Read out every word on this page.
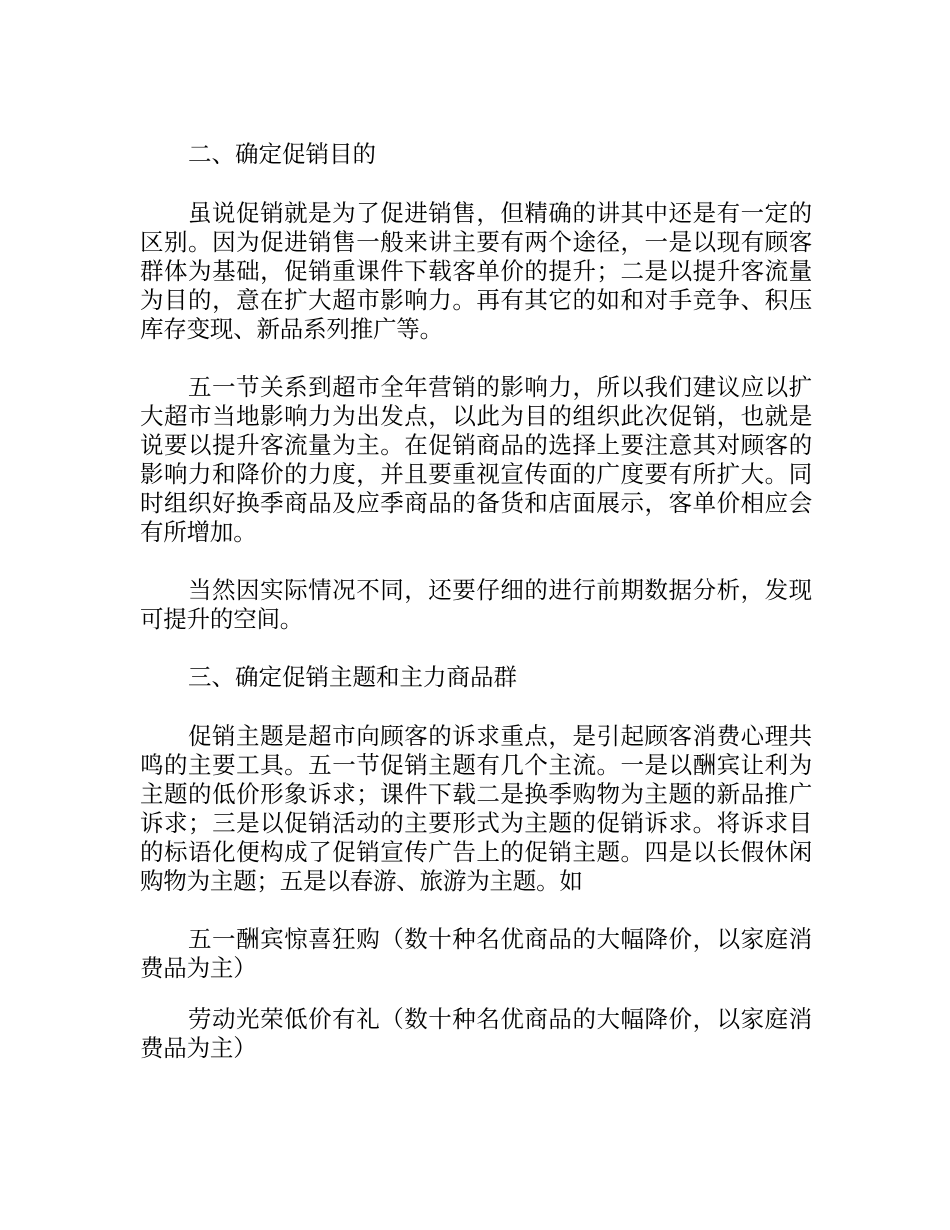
二、确定促销目的

虽说促销就是为了促进销售，但精确的讲其中还是有一定的区别。因为促进销售一般来讲主要有两个途径，一是以现有顾客群体为基础，促销重课件下载客单价的提升；二是以提升客流量为目的，意在扩大超市影响力。再有其它的如和对手竞争、积压库存变现、新品系列推广等。

五一节关系到超市全年营销的影响力，所以我们建议应以扩大超市当地影响力为出发点，以此为目的组织此次促销，也就是说要以提升客流量为主。在促销商品的选择上要注意其对顾客的影响力和降价的力度，并且要重视宣传面的广度要有所扩大。同时组织好换季商品及应季商品的备货和店面展示，客单价相应会有所增加。

当然因实际情况不同，还要仔细的进行前期数据分析，发现可提升的空间。

三、确定促销主题和主力商品群

促销主题是超市向顾客的诉求重点，是引起顾客消费心理共鸣的主要工具。五一节促销主题有几个主流。一是以酬宾让利为主题的低价形象诉求；课件下载二是换季购物为主题的新品推广诉求；三是以促销活动的主要形式为主题的促销诉求。将诉求目的标语化便构成了促销宣传广告上的促销主题。四是以长假休闲购物为主题；五是以春游、旅游为主题。如

五一酬宾惊喜狂购（数十种名优商品的大幅降价，以家庭消费品为主）

劳动光荣低价有礼（数十种名优商品的大幅降价，以家庭消费品为主）
